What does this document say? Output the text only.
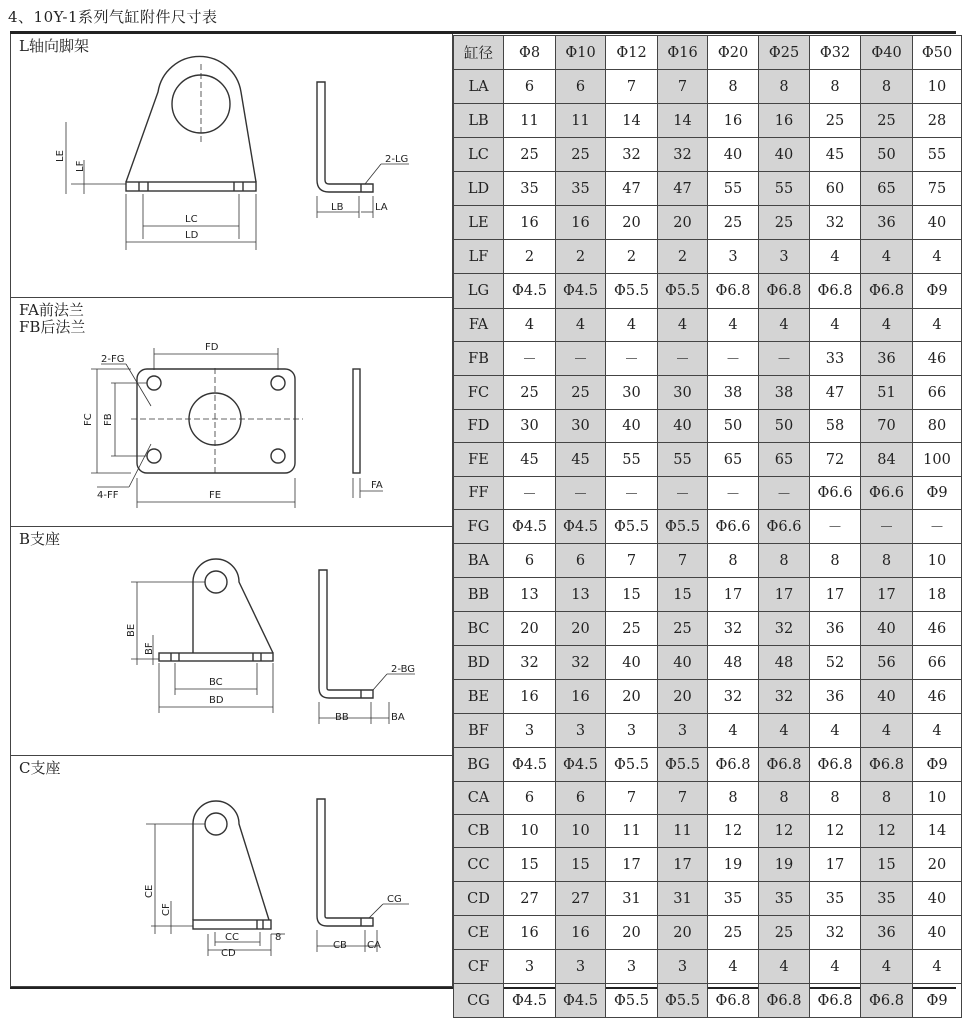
4、10Y-1系列气缸附件尺寸表
L轴向脚架
LE
LF
LC
LD
LB	LA
2-LG
FA前法兰
FB后法兰
FD
2-FG
FC FB
4-FF	FE
FA
B支座
BE
BF
BC
BD
BB	BA
2-BG
C支座
CE
CF
CC	8
CD
CB CA
CG
缸径	Φ8	Φ10	Φ12	Φ16	Φ20	Φ25	Φ32	Φ40	Φ50
LA	6	6	7	7	8	8	8	8	10
LB	11	11	14	14	16	16	25	25	28
LC	25	25	32	32	40	40	45	50	55
LD	35	35	47	47	55	55	60	65	75
LE	16	16	20	20	25	25	32	36	40
LF	2	2	2	2	3	3	4	4	4
LG	Φ4.5	Φ4.5	Φ5.5	Φ5.5	Φ6.8	Φ6.8	Φ6.8	Φ6.8	Φ9
FA	4	4	4	4	4	4	4	4	4
FB	－	－	－	－	－	－	33	36	46
FC	25	25	30	30	38	38	47	51	66
FD	30	30	40	40	50	50	58	70	80
FE	45	45	55	55	65	65	72	84	100
FF	－	－	－	－	－	－	Φ6.6	Φ6.6	Φ9
FG	Φ4.5	Φ4.5	Φ5.5	Φ5.5	Φ6.6	Φ6.6	－	－	－
BA	6	6	7	7	8	8	8	8	10
BB	13	13	15	15	17	17	17	17	18
BC	20	20	25	25	32	32	36	40	46
BD	32	32	40	40	48	48	52	56	66
BE	16	16	20	20	32	32	36	40	46
BF	3	3	3	3	4	4	4	4	4
BG	Φ4.5	Φ4.5	Φ5.5	Φ5.5	Φ6.8	Φ6.8	Φ6.8	Φ6.8	Φ9
CA	6	6	7	7	8	8	8	8	10
CB	10	10	11	11	12	12	12	12	14
CC	15	15	17	17	19	19	17	15	20
CD	27	27	31	31	35	35	35	35	40
CE	16	16	20	20	25	25	32	36	40
CF	3	3	3	3	4	4	4	4	4
CG	Φ4.5	Φ4.5	Φ5.5	Φ5.5	Φ6.8	Φ6.8	Φ6.8	Φ6.8	Φ9
